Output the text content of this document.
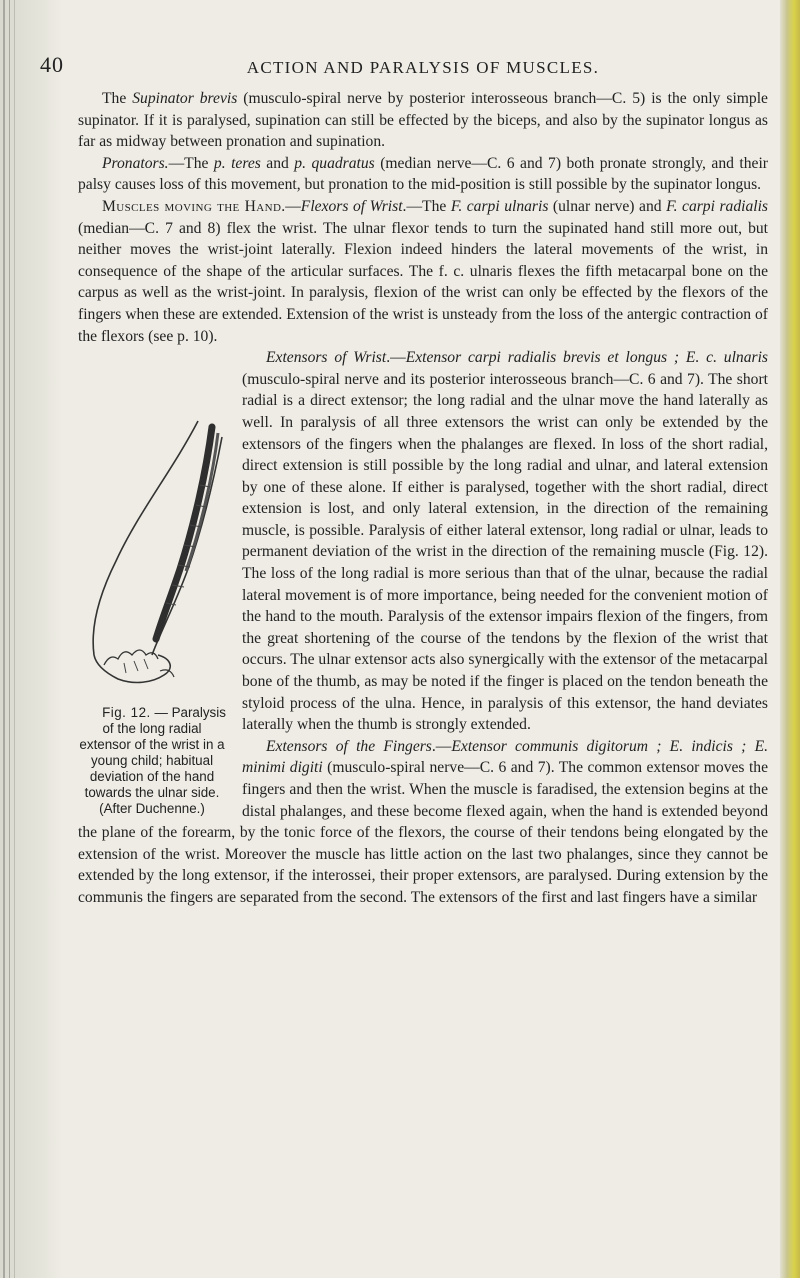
40	ACTION AND PARALYSIS OF MUSCLES.

The Supinator brevis (musculo-spiral nerve by posterior interosseous branch—C. 5) is the only simple supinator. If it is paralysed, supination can still be effected by the biceps, and also by the supinator longus as far as midway between pronation and supination.

Pronators.—The p. teres and p. quadratus (median nerve—C. 6 and 7) both pronate strongly, and their palsy causes loss of this movement, but pronation to the mid-position is still possible by the supinator longus.

Muscles moving the Hand.—Flexors of Wrist.—The F. carpi ulnaris (ulnar nerve) and F. carpi radialis (median—C. 7 and 8) flex the wrist. The ulnar flexor tends to turn the supinated hand still more out, but neither moves the wrist-joint laterally. Flexion indeed hinders the lateral movements of the wrist, in consequence of the shape of the articular surfaces. The f. c. ulnaris flexes the fifth metacarpal bone on the carpus as well as the wrist-joint. In paralysis, flexion of the wrist can only be effected by the flexors of the fingers when these are extended. Extension of the wrist is unsteady from the loss of the antergic contraction of the flexors (see p. 10).

Extensors of Wrist
Fig. 12. — Paralysis of the long radial extensor of the wrist in a young child; habitual deviation of the hand towards the ulnar side. (After Duchenne.)
.—Extensor carpi radialis brevis et longus ; E. c. ulnaris (musculo-spiral nerve and its posterior interosseous branch—C. 6 and 7). The short radial is a direct extensor; the long radial and the ulnar move the hand laterally as well. In paralysis of all three extensors the wrist can only be extended by the extensors of the fingers when the phalanges are flexed. In loss of the short radial, direct extension is still possible by the long radial and ulnar, and lateral extension by one of these alone. If either is paralysed, together with the short radial, direct extension is lost, and only lateral extension, in the direction of the remaining muscle, is possible. Paralysis of either lateral extensor, long radial or ulnar, leads to permanent deviation of the wrist in the direction of the remaining muscle (Fig. 12). The loss of the long radial is more serious than that of the ulnar, because the radial lateral movement is of more importance, being needed for the convenient motion of the hand to the mouth. Paralysis of the extensor impairs flexion of the fingers, from the great shortening of the course of the tendons by the flexion of the wrist that occurs. The ulnar extensor acts also synergically with the extensor of the metacarpal bone of the thumb, as may be noted if the finger is placed on the tendon beneath the styloid process of the ulna. Hence, in paralysis of this extensor, the hand deviates laterally when the thumb is strongly extended.

Extensors of the Fingers.—Extensor communis digitorum ; E. indicis ; E. minimi digiti (musculo-spiral nerve—C. 6 and 7). The common extensor moves the fingers and then the wrist. When the muscle is faradised, the extension begins at the distal phalanges, and these become flexed again, when the hand is extended beyond the plane of the forearm, by the tonic force of the flexors, the course of their tendons being elongated by the extension of the wrist. Moreover the muscle has little action on the last two phalanges, since they cannot be extended by the long extensor, if the interossei, their proper extensors, are paralysed. During extension by the communis the fingers are separated from the second. The extensors of the first and last fingers have a similar
